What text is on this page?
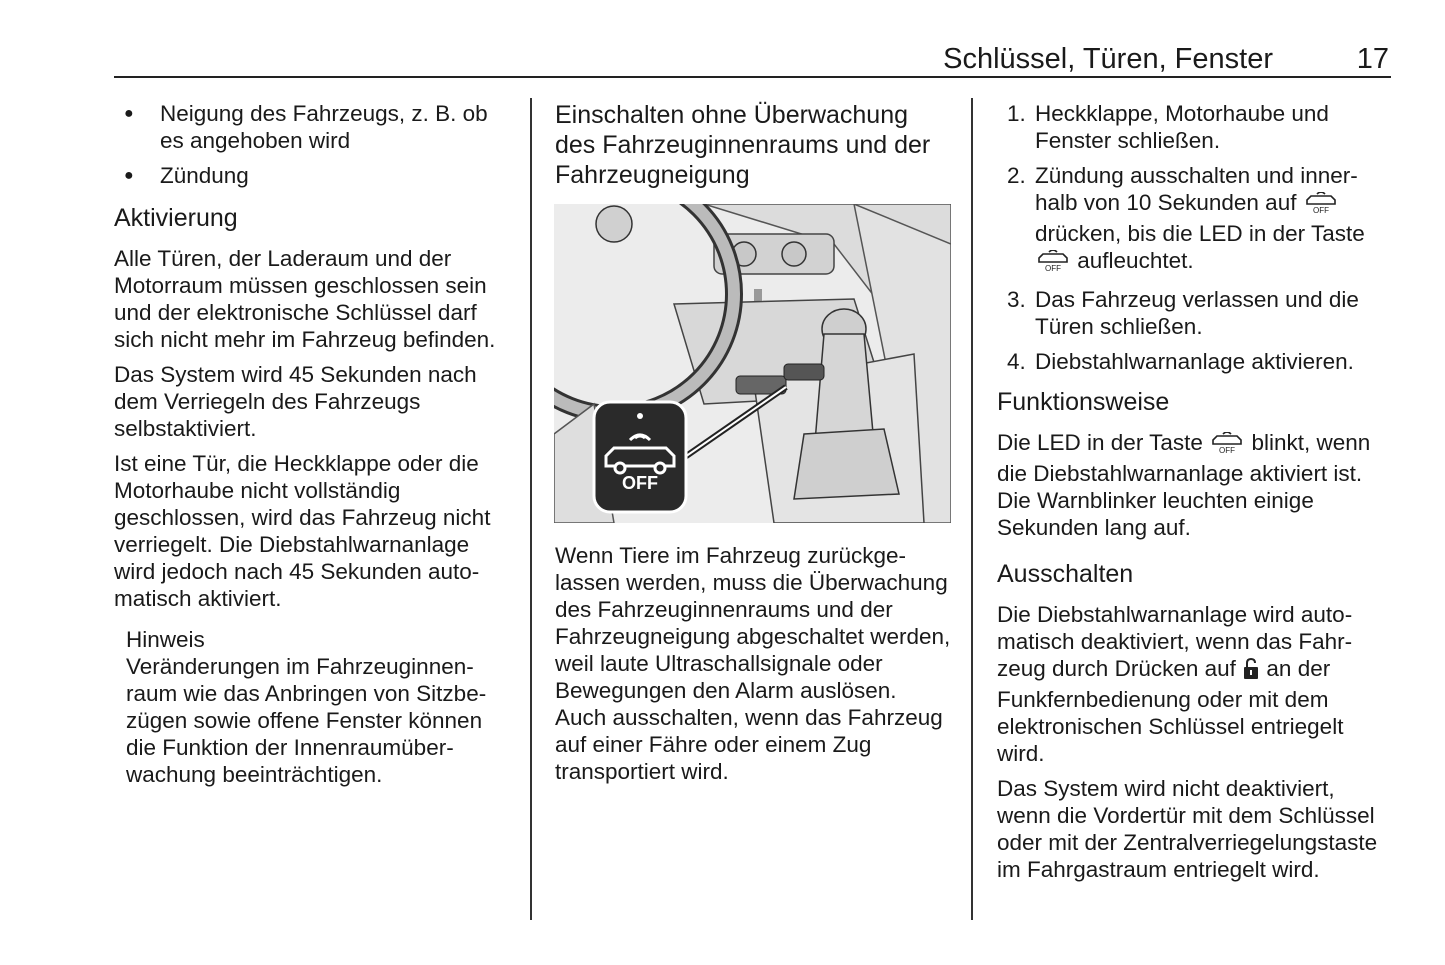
Schlüssel, Türen, Fenster	17
● Neigung des Fahrzeugs, z. B. ob es angehoben wird
● Zündung
Aktivierung

Alle Türen, der Laderaum und der Motorraum müssen geschlossen sein und der elektronische Schlüssel darf sich nicht mehr im Fahrzeug befinden.

Das System wird 45 Sekunden nach dem Verriegeln des Fahrzeugs selbstaktiviert.

Ist eine Tür, die Heckklappe oder die Motorhaube nicht vollständig geschlossen, wird das Fahrzeug nicht verriegelt. Die Diebstahlwarnanlage wird jedoch nach 45 Sekunden automatisch aktiviert.

Hinweis
Veränderungen im Fahrzeuginnenraum wie das Anbringen von Sitzbezügen sowie offene Fenster können die Funktion der Innenraumüberwachung beeinträchtigen.
Einschalten ohne Überwachung des Fahrzeuginnenraums und der Fahrzeugneigung
OFF

Wenn Tiere im Fahrzeug zurückgelassen werden, muss die Überwachung des Fahrzeuginnenraums und der Fahrzeugneigung abgeschaltet werden, weil laute Ultraschallsignale oder Bewegungen den Alarm auslösen. Auch ausschalten, wenn das Fahrzeug auf einer Fähre oder einem Zug transportiert wird.

1. Heckklappe, Motorhaube und Fenster schließen.
2. Zündung ausschalten und innerhalb von 10 Sekunden auf OFF
drücken, bis die LED in der Taste
OFF aufleuchtet.
3. Das Fahrzeug verlassen und die Türen schließen.
4. Diebstahlwarnanlage aktivieren.
Funktionsweise

Die LED in der Taste OFF blinkt, wenn die Diebstahlwarnanlage aktiviert ist. Die Warnblinker leuchten einige Sekunden lang auf.

Ausschalten

Die Diebstahlwarnanlage wird automatisch deaktiviert, wenn das Fahrzeug durch Drücken auf an der Funkfernbedienung oder mit dem elektronischen Schlüssel entriegelt wird.

Das System wird nicht deaktiviert, wenn die Vordertür mit dem Schlüssel oder mit der Zentralverriegelungstaste im Fahrgastraum entriegelt wird.
